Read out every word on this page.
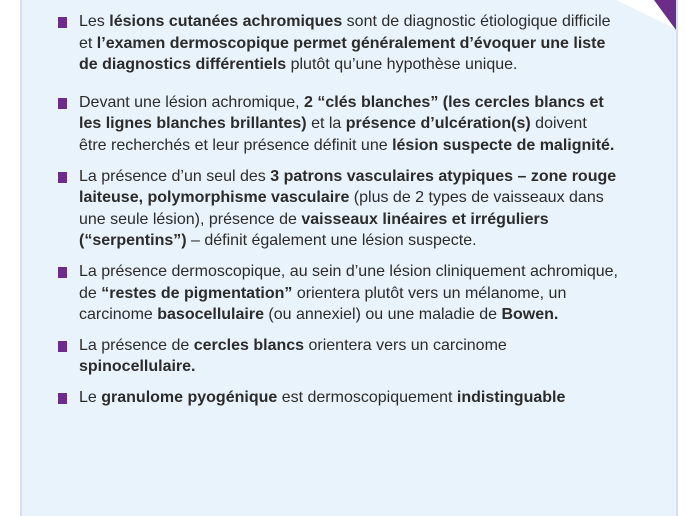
Les lésions cutanées achromiques sont de diagnostic étiologique difficile et l’examen dermoscopique permet généralement d’évoquer une liste de diagnostics différentiels plutôt qu’une hypothèse unique.
Devant une lésion achromique, 2 “clés blanches” (les cercles blancs et les lignes blanches brillantes) et la présence d’ulcération(s) doivent être recherchés et leur présence définit une lésion suspecte de malignité.
La présence d’un seul des 3 patrons vasculaires atypiques – zone rouge laiteuse, polymorphisme vasculaire (plus de 2 types de vaisseaux dans une seule lésion), présence de vaisseaux linéaires et irréguliers (“serpentins”) – définit également une lésion suspecte.
La présence dermoscopique, au sein d’une lésion cliniquement achromique, de “restes de pigmentation” orientera plutôt vers un mélanome, un carcinome basocellulaire (ou annexiel) ou une maladie de Bowen.
La présence de cercles blancs orientera vers un carcinome spinocellulaire.
Le granulome pyogénique est dermoscopiquement indistinguable
